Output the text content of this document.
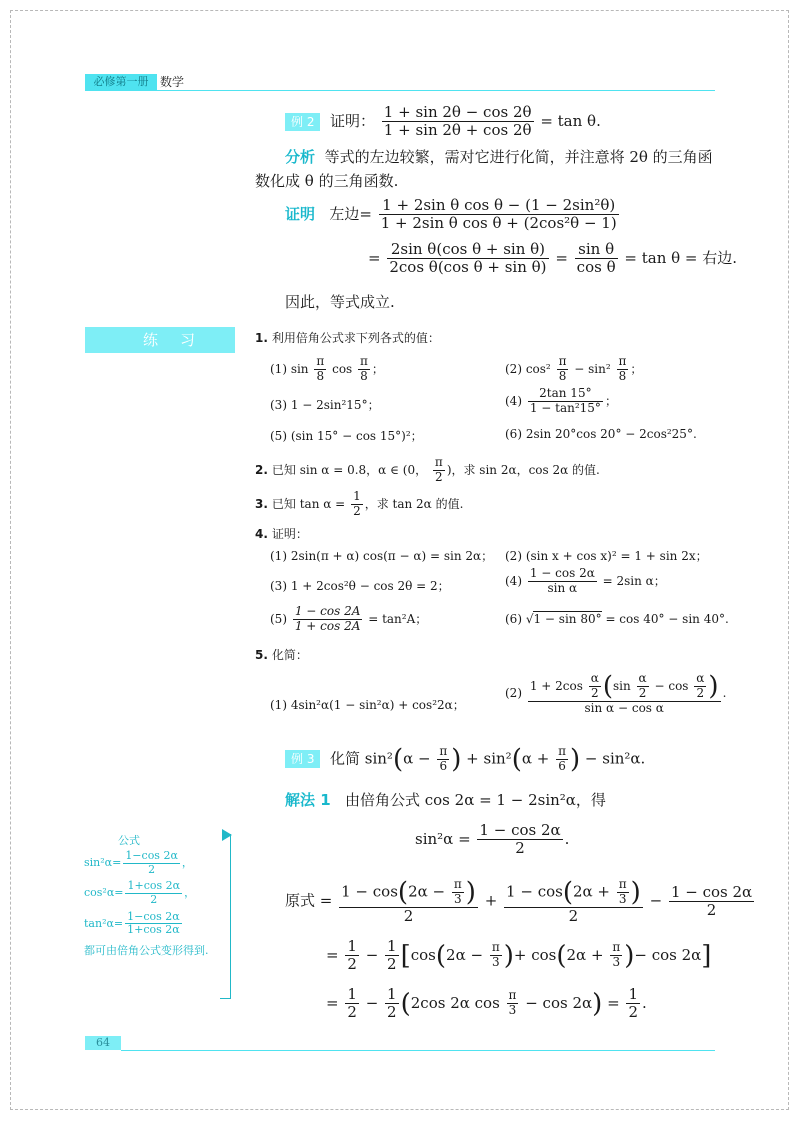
必修第一册 数学
例 2 证明： $\frac{1 + \sin 2\theta - \cos 2\theta}{1 + \sin 2\theta + \cos 2\theta} = \tan \theta$.
分析 等式的左边较繁，需对它进行化简，并注意将 2θ 的三角函
数化成 θ 的三角函数.
证明 左边= $\frac{\text{1 + 2sin θ cos θ − (1 − 2sin²θ)}}{\text{1 + 2sin θ cos θ + (2cos²θ − 1)}}$
= $\frac{\text{2sin θ(cos θ + sin θ)}}{\text{2cos θ(cos θ + sin θ)}} = \frac{\text{sin θ}}{\text{cos θ}} = \tan \theta$ = 右边.
因此，等式成立.
练习	1. 利用倍角公式求下列各式的值：
(1) $\sin \frac{\pi}{8}$ $\cos \frac{\pi}{8}$ ；	(2) $\cos^2 \frac{\pi}{8} - \sin^2 \frac{\pi}{8}$ ；
(3) 1 − 2sin²15°；	$(4) \frac{2\tan 15^\circ}{\text{1 − tan²15°}}$ ；
(5) (sin 15° − cos 15°)²；	(6) 2sin 20°cos 20° − 2cos²25°.
2. 已知 sin α = 0.8，α ∈ (0， $\frac{\pi}{2}$ )，求 sin 2α，cos 2α 的值.
3. 已知 $\tan \alpha = \frac{1}{2}$ ，求 tan 2α 的值.
4. 证明：
(1) 2sin(π + α) cos(π − α) = sin 2α； (2) (sin x + cos x)² = 1 + sin 2x；
(3) 1 + 2cos²θ − cos 2θ = 2；	$(4) \frac{1 - \cos 2\alpha}{\text{sin α}} = 2\sin$ α；
$(5) \frac{1 - \cos 2A}{1 + \cos 2A} = \tan^2A$；	(6) √1 − sin 80° = cos 40° − sin 40°.
5. 化简：
(1) 4sin²α(1 − sin²α) + cos²2α；
$(2) \frac{1 + 2\cos \frac{\alpha}{2} (\sin \frac{\alpha}{2} - \cos \frac{\alpha}{2} )}{\text{sin α − cos α}}$ .
例 3 化简 $\sin^2(\alpha - \frac{\pi}{6}$ ) + $\sin^2(\alpha + \frac{\pi}{6}$ ) − sin²α.
解法 1 由倍角公式 cos 2α = 1 − 2sin²α，得
$\sin^2\alpha = \frac{1 - \cos 2\alpha}{2}$ .
原式 = $\frac{1 - \cos(2\alpha - \frac{\pi}{3} )}{2} + \frac{1 - \cos(2\alpha + \frac{\pi}{3} )}{2} - \frac{1 - \cos 2\alpha}{2}$
= $\frac{1}{2} - \frac{1}{2} [\cos(2\alpha - \frac{\pi}{3}$ )+ $\cos(2\alpha + \frac{\pi}{3}$ )− cos 2α]
= $\frac{1}{2} - \frac{1}{2} (2\cos$ 2α $\cos \frac{\pi}{3} - \cos 2\alpha) = \frac{1}{2}$ .
公式
$\sin^2\alpha= \frac{1-\cos 2\alpha}{2}$ ，
$\cos^2\alpha= \frac{1+\cos 2\alpha}{2}$ ，
$\tan^2\alpha= \frac{1-\cos 2\alpha}{1+\cos 2\alpha}$
都可由倍角公式变形得到.
64
